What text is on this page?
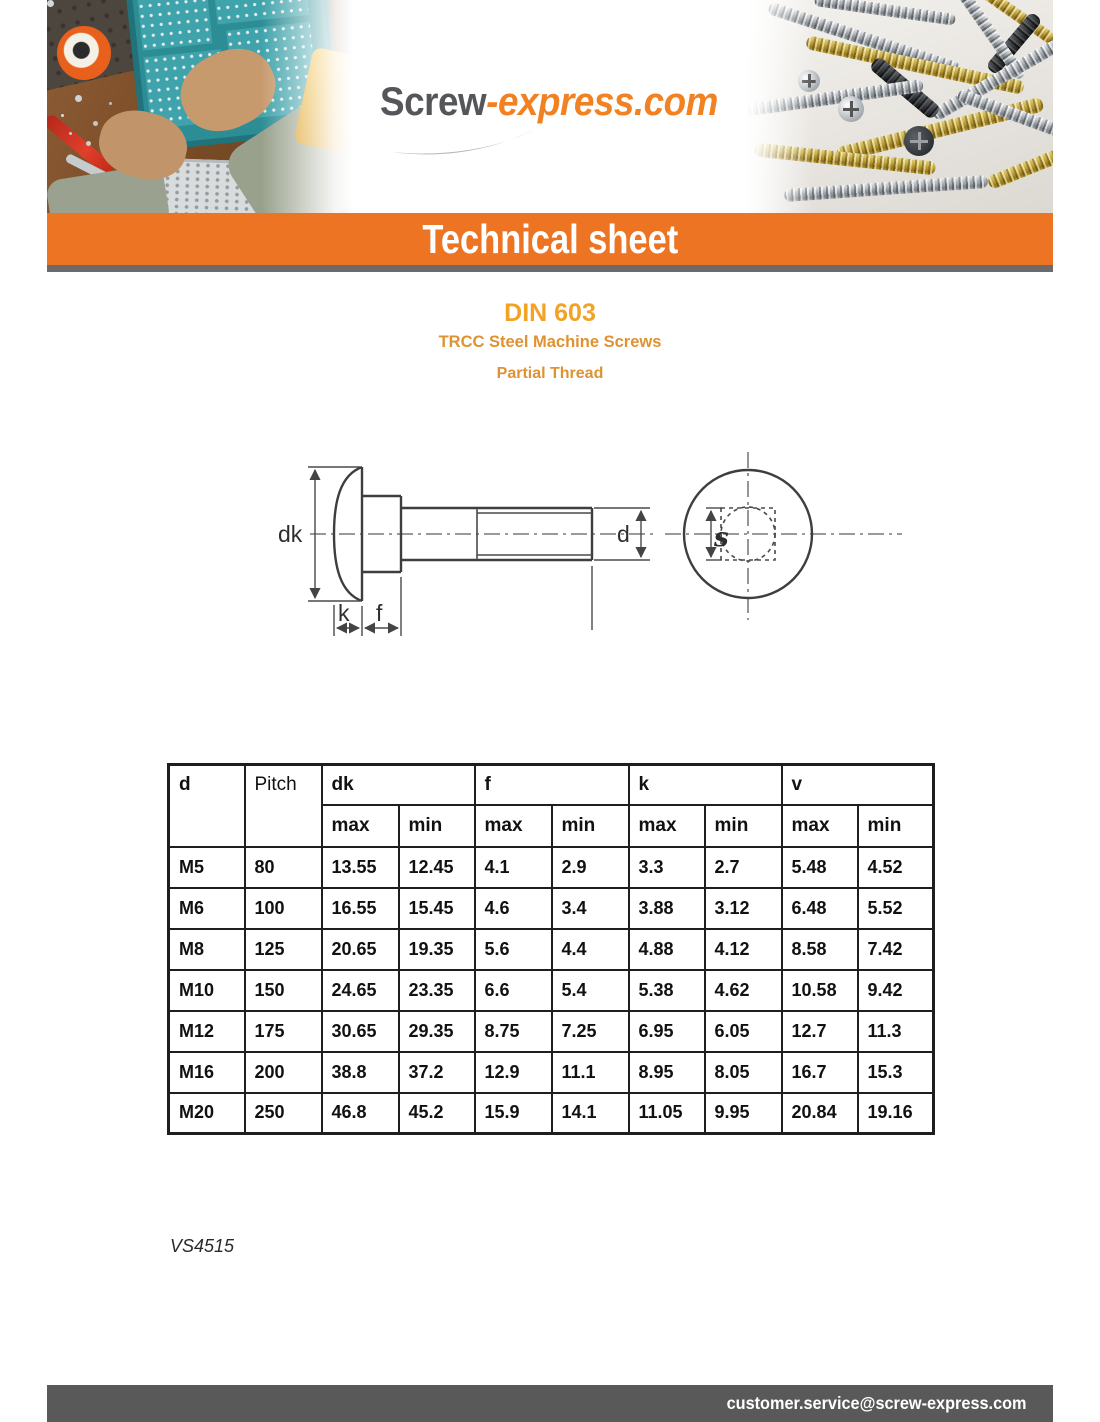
Screw-express.com
Technical sheet
DIN 603
TRCC Steel Machine Screws
Partial Thread
dk	d
k f
s
d	Pitch	dk		f		k		v	
		max	min	max	min	max	min	max	min
M5	80	13.55	12.45	4.1	2.9	3.3	2.7	5.48	4.52
M6	100	16.55	15.45	4.6	3.4	3.88	3.12	6.48	5.52
M8	125	20.65	19.35	5.6	4.4	4.88	4.12	8.58	7.42
M10	150	24.65	23.35	6.6	5.4	5.38	4.62	10.58	9.42
M12	175	30.65	29.35	8.75	7.25	6.95	6.05	12.7	11.3
M16	200	38.8	37.2	12.9	11.1	8.95	8.05	16.7	15.3
M20	250	46.8	45.2	15.9	14.1	11.05	9.95	20.84	19.16
VS4515
customer.service@screw-express.com
